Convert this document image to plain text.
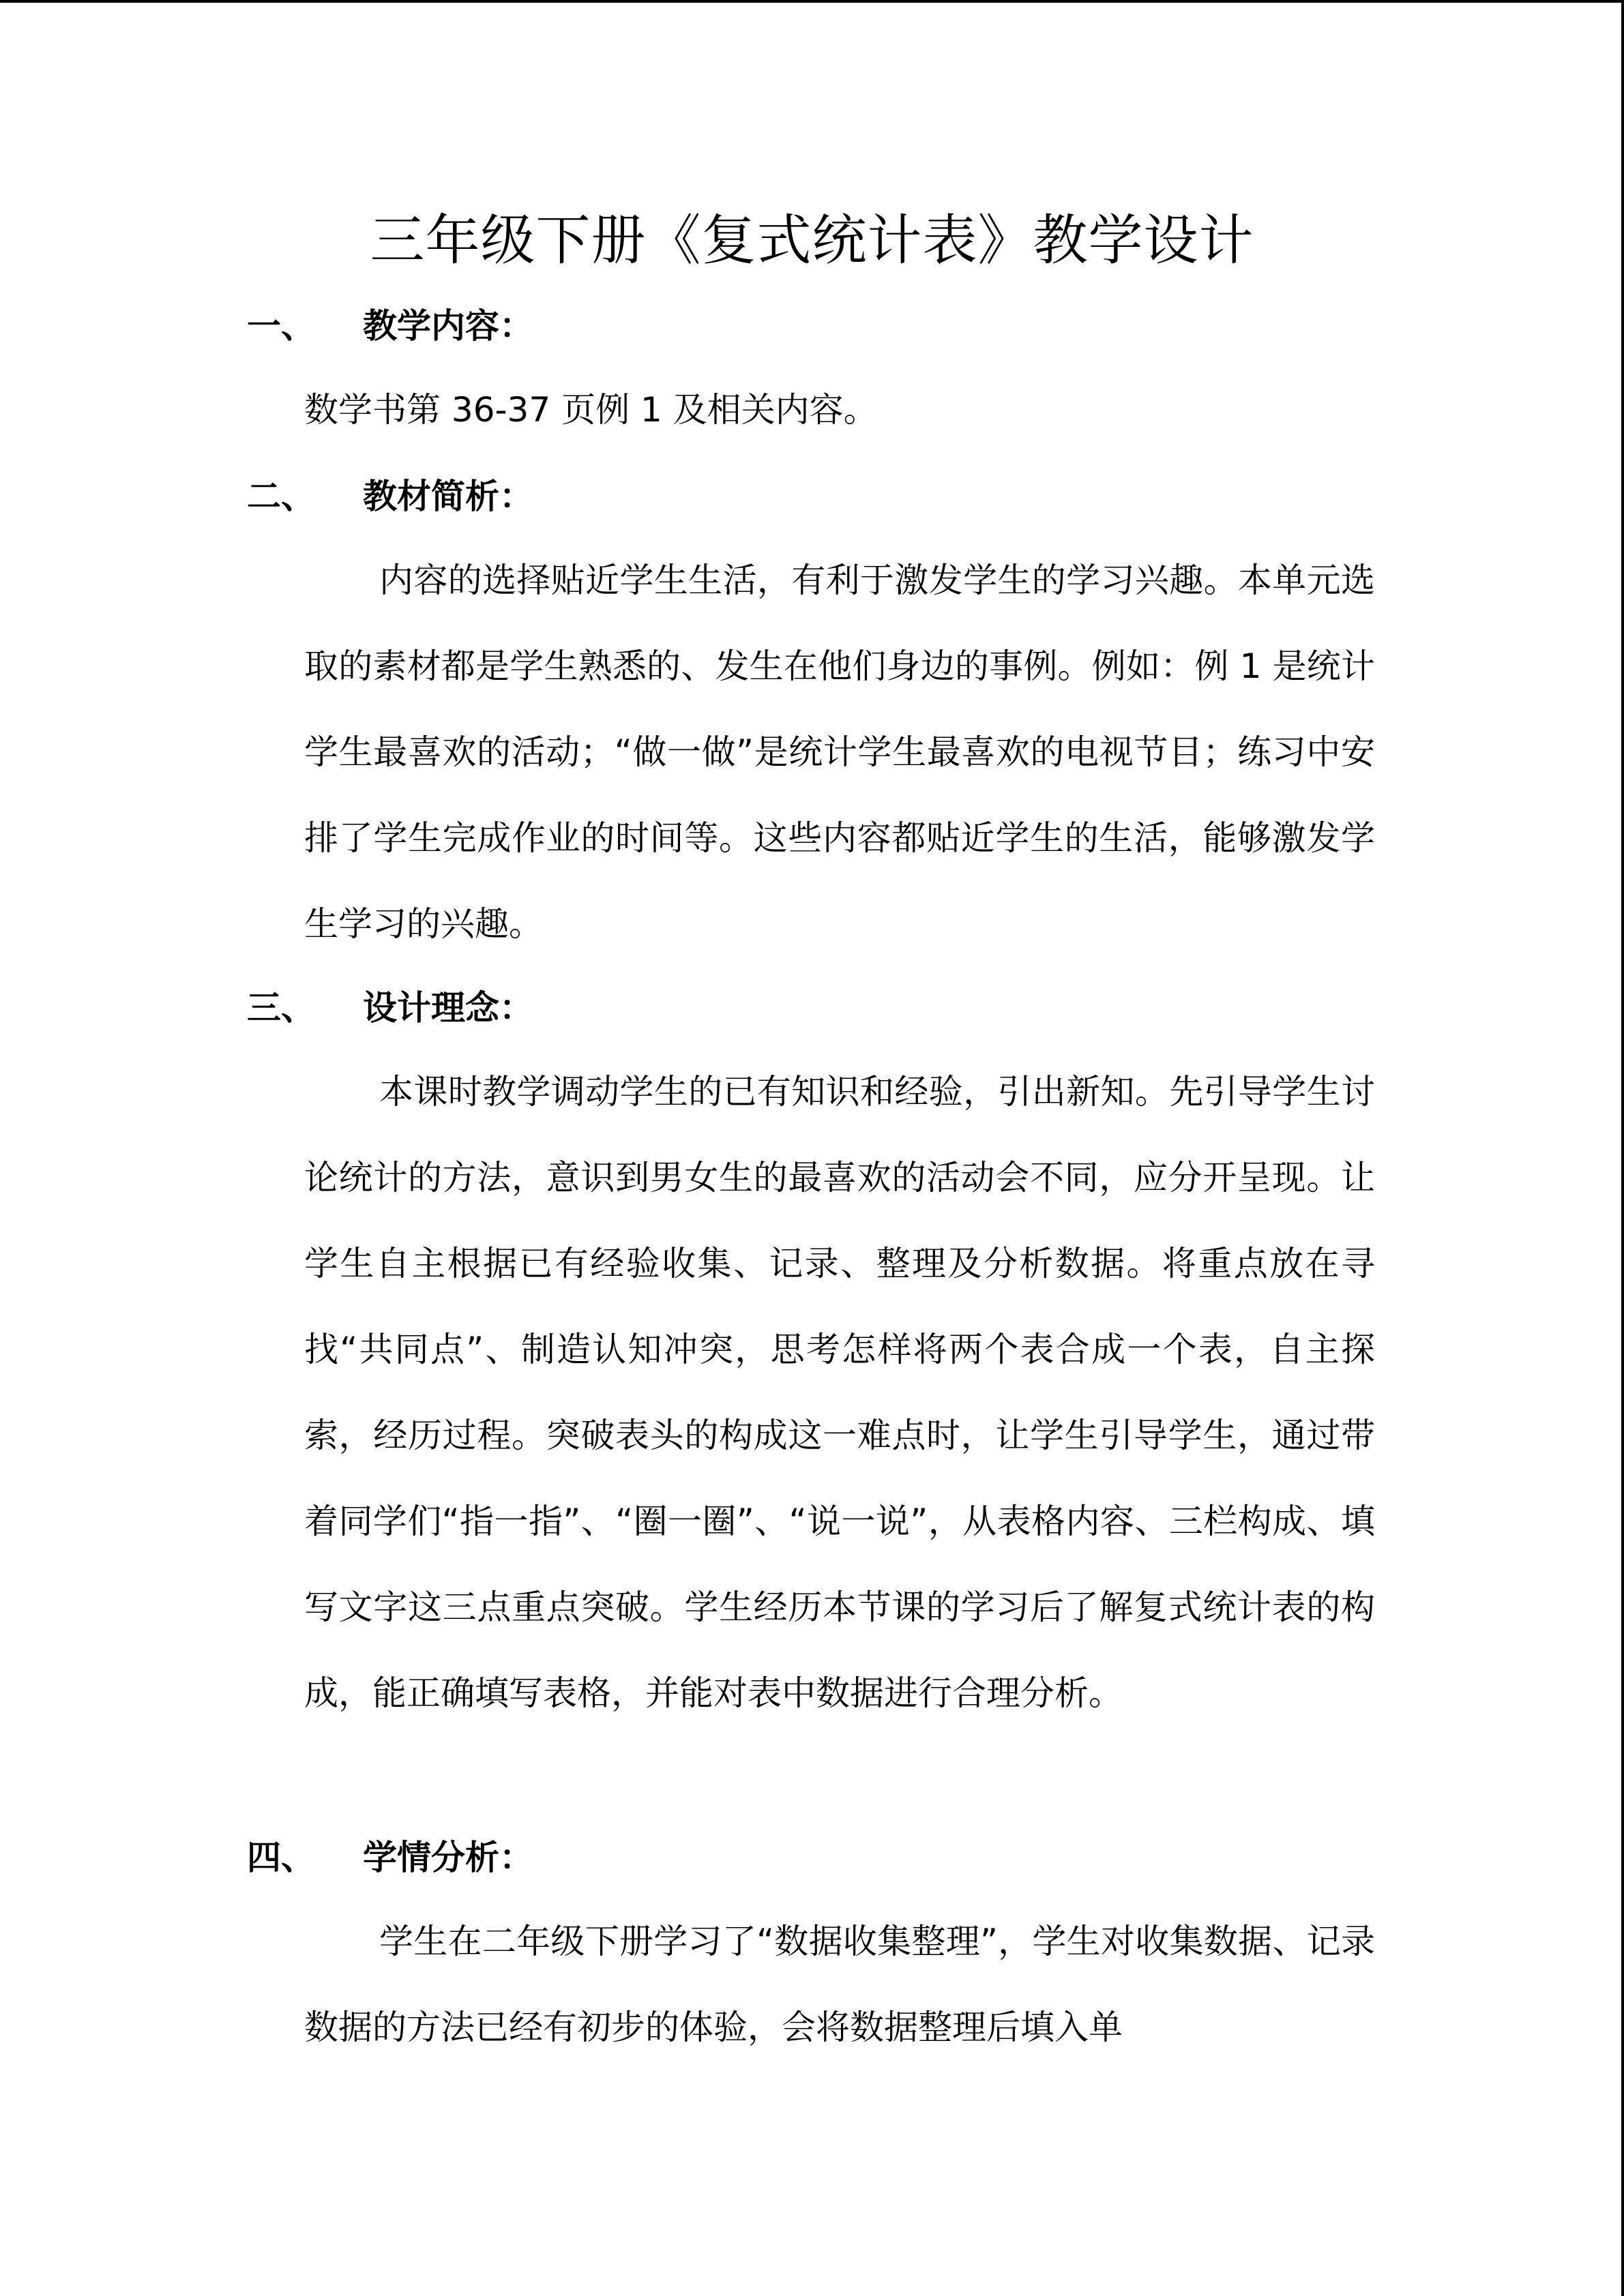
三年级下册《复式统计表》教学设计
一、 教学内容：

数学书第 36-37 页例 1 及相关内容。

二、 教材简析：

内容的选择贴近学生生活，有利于激发学生的学习兴趣。本单元选取的素材都是学生熟悉的、发生在他们身边的事例。例如：例 1 是统计学生最喜欢的活动；“做一做”是统计学生最喜欢的电视节目；练习中安排了学生完成作业的时间等。这些内容都贴近学生的生活，能够激发学生学习的兴趣。

三、 设计理念：

本课时教学调动学生的已有知识和经验，引出新知。先引导学生讨论统计的方法，意识到男女生的最喜欢的活动会不同，应分开呈现。让学生自主根据已有经验收集、记录、整理及分析数据。将重点放在寻找“共同点”、制造认知冲突，思考怎样将两个表合成一个表，自主探索，经历过程。突破表头的构成这一难点时，让学生引导学生，通过带着同学们“指一指”、“圈一圈”、“说一说”，从表格内容、三栏构成、填写文字这三点重点突破。学生经历本节课的学习后了解复式统计表的构成，能正确填写表格，并能对表中数据进行合理分析。

四、 学情分析：

学生在二年级下册学习了“数据收集整理”，学生对收集数据、记录数据的方法已经有初步的体验，会将数据整理后填入单
